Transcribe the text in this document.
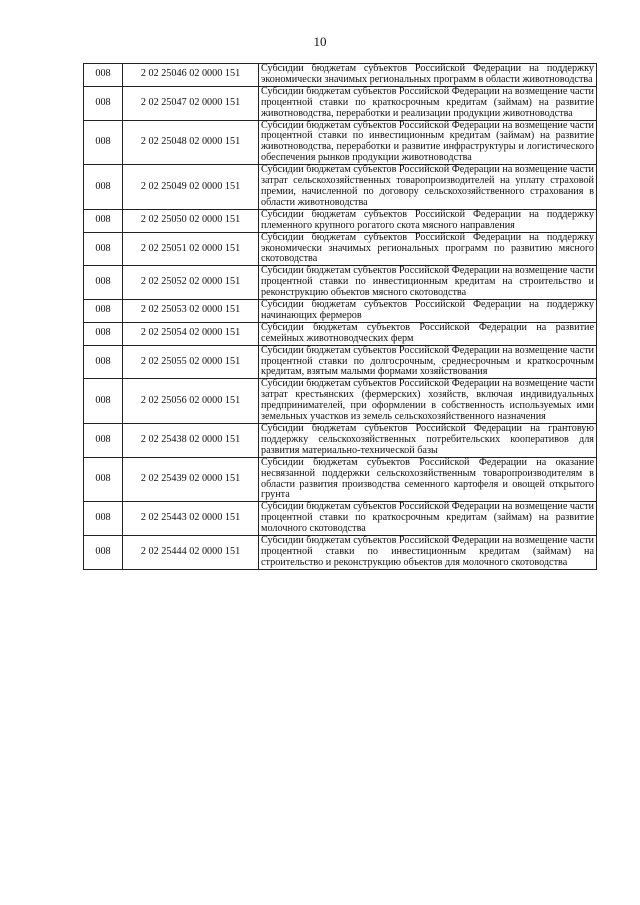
10
008	2 02 25046 02 0000 151	Субсидии бюджетам субъектов Российской Федерации на поддержку экономически значимых региональных программ в области животноводства
008	2 02 25047 02 0000 151	Субсидии бюджетам субъектов Российской Федерации на возмещение части процентной ставки по краткосрочным кредитам (займам) на развитие животноводства, переработки и реализации продукции животноводства
008	2 02 25048 02 0000 151	Субсидии бюджетам субъектов Российской Федерации на возмещение части процентной ставки по инвестиционным кредитам (займам) на развитие животноводства, переработки и развитие инфраструктуры и логистического обеспечения рынков продукции животноводства
008	2 02 25049 02 0000 151	Субсидии бюджетам субъектов Российской Федерации на возмещение части затрат сельскохозяйственных товаропроизводителей на уплату страховой премии, начисленной по договору сельскохозяйственного страхования в области животноводства
008	2 02 25050 02 0000 151	Субсидии бюджетам субъектов Российской Федерации на поддержку племенного крупного рогатого скота мясного направления
008	2 02 25051 02 0000 151	Субсидии бюджетам субъектов Российской Федерации на поддержку экономически значимых региональных программ по развитию мясного скотоводства
008	2 02 25052 02 0000 151	Субсидии бюджетам субъектов Российской Федерации на возмещение части процентной ставки по инвестиционным кредитам на строительство и реконструкцию объектов мясного скотоводства
008	2 02 25053 02 0000 151	Субсидии бюджетам субъектов Российской Федерации на поддержку начинающих фермеров
008	2 02 25054 02 0000 151	Субсидии бюджетам субъектов Российской Федерации на развитие семейных животноводческих ферм
008	2 02 25055 02 0000 151	Субсидии бюджетам субъектов Российской Федерации на возмещение части процентной ставки по долгосрочным, среднесрочным и краткосрочным кредитам, взятым малыми формами хозяйствования
008	2 02 25056 02 0000 151	Субсидии бюджетам субъектов Российской Федерации на возмещение части затрат крестьянских (фермерских) хозяйств, включая индивидуальных предпринимателей, при оформлении в собственность используемых ими земельных участков из земель сельскохозяйственного назначения
008	2 02 25438 02 0000 151	Субсидии бюджетам субъектов Российской Федерации на грантовую поддержку сельскохозяйственных потребительских кооперативов для развития материально-технической базы
008	2 02 25439 02 0000 151	Субсидии бюджетам субъектов Российской Федерации на оказание несвязанной поддержки сельскохозяйственным товаропроизводителям в области развития производства семенного картофеля и овощей открытого грунта
008	2 02 25443 02 0000 151	Субсидии бюджетам субъектов Российской Федерации на возмещение части процентной ставки по краткосрочным кредитам (займам) на развитие молочного скотоводства
008	2 02 25444 02 0000 151	Субсидии бюджетам субъектов Российской Федерации на возмещение части процентной ставки по инвестиционным кредитам (займам) на строительство и реконструкцию объектов для молочного скотоводства
